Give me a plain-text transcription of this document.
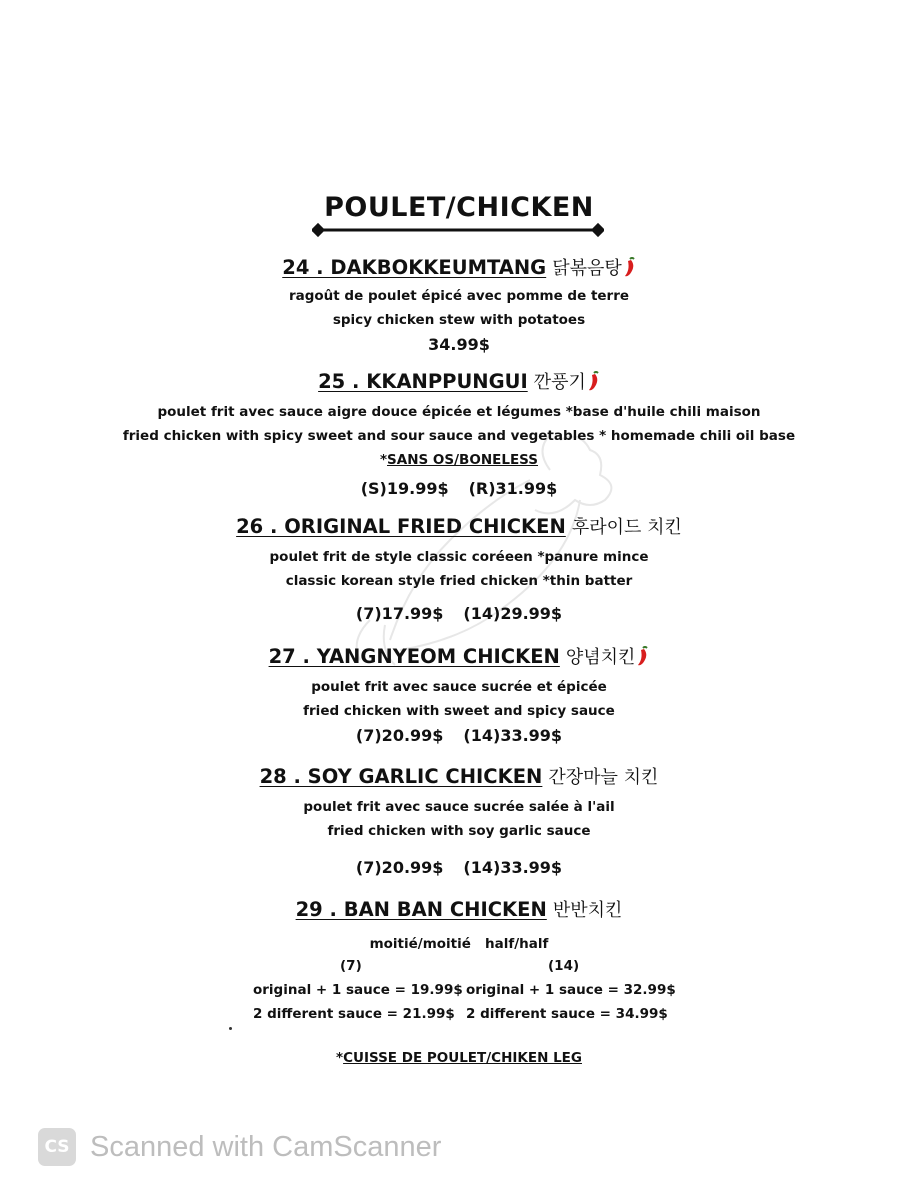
POULET/CHICKEN
24 . DAKBOKKEUMTANG 닭볶음탕
ragoût de poulet épicé avec pomme de terre
spicy chicken stew with potatoes
34.99$
25 . KKANPPUNGUI 깐풍기
poulet frit avec sauce aigre douce épicée et légumes *base d'huile chili maison
fried chicken with spicy sweet and sour sauce and vegetables * homemade chili oil base
*SANS OS/BONELESS
(S)19.99$ (R)31.99$
26 . ORIGINAL FRIED CHICKEN 후라이드 치킨
poulet frit de style classic coréeen *panure mince
classic korean style fried chicken *thin batter
(7)17.99$ (14)29.99$
27 . YANGNYEOM CHICKEN 양념치킨
poulet frit avec sauce sucrée et épicée
fried chicken with sweet and spicy sauce
(7)20.99$ (14)33.99$
28 . SOY GARLIC CHICKEN 간장마늘 치킨
poulet frit avec sauce sucrée salée à l'ail
fried chicken with soy garlic sauce
(7)20.99$ (14)33.99$
29 . BAN BAN CHICKEN 반반치킨
moitié/moitié   half/half
(7)	(14)
original + 1 sauce = 19.99$ original + 1 sauce = 32.99$
2 different sauce = 21.99$ 2 different sauce = 34.99$
*CUISSE DE POULET/CHIKEN LEG
CS Scanned with CamScanner
